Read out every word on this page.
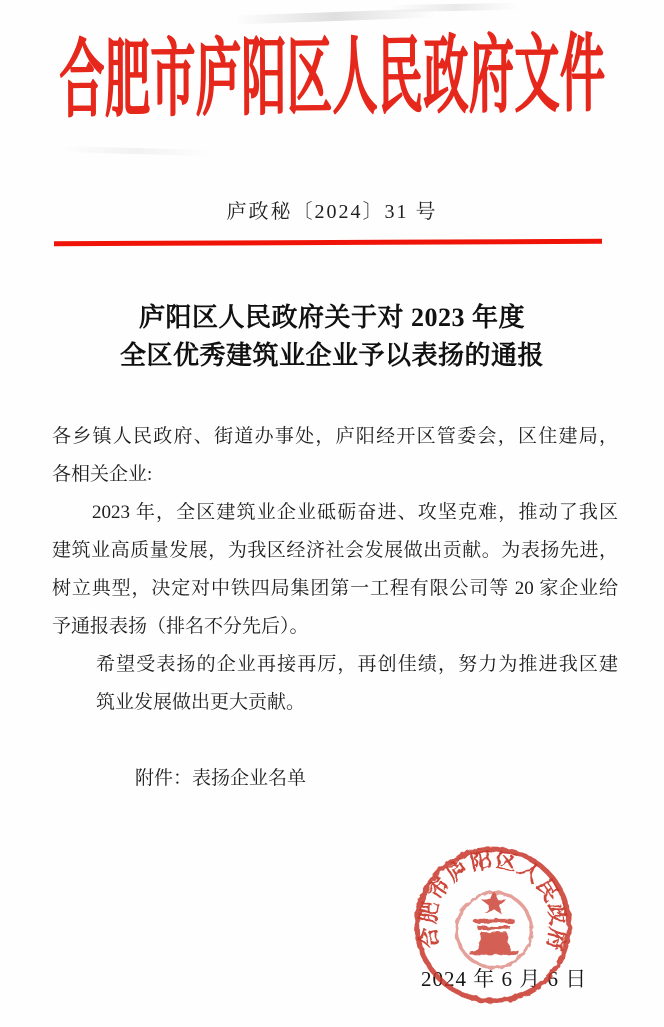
合肥市庐阳区人民政府文件
庐政秘〔2024〕31 号
庐阳区人民政府关于对 2023 年度
全区优秀建筑业企业予以表扬的通报
各乡镇人民政府、街道办事处，庐阳经开区管委会，区住建局，
各相关企业:
2023 年，全区建筑业企业砥砺奋进、攻坚克难，推动了我区
建筑业高质量发展，为我区经济社会发展做出贡献。为表扬先进，
树立典型，决定对中铁四局集团第一工程有限公司等 20 家企业给
予通报表扬（排名不分先后）。
希望受表扬的企业再接再厉，再创佳绩，努力为推进我区建
筑业发展做出更大贡献。
附件：表扬企业名单
2024 年 6 月 6 日
合肥市庐阳区人民政府
